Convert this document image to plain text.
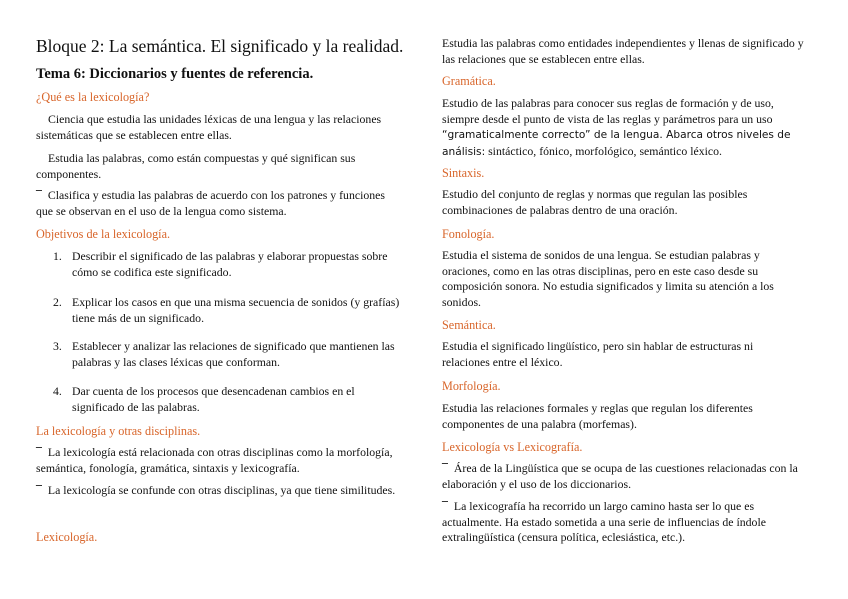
Bloque 2: La semántica. El significado y la realidad.
Tema 6: Diccionarios y fuentes de referencia.
¿Qué es la lexicología?

Ciencia que estudia las unidades léxicas de una lengua y las relaciones sistemáticas que se establecen entre ellas.

Estudia las palabras, como están compuestas y qué significan sus componentes.

¯ Clasifica y estudia las palabras de acuerdo con los patrones y funciones que se observan en el uso de la lengua como sistema.

Objetivos de la lexicología.
1. Describir el significado de las palabras y elaborar propuestas sobre cómo se codifica este significado.
2. Explicar los casos en que una misma secuencia de sonidos (y grafías) tiene más de un significado.
3. Establecer y analizar las relaciones de significado que mantienen las palabras y las clases léxicas que conforman.
4. Dar cuenta de los procesos que desencadenan cambios en el significado de las palabras.
La lexicología y otras disciplinas.

¯ La lexicología está relacionada con otras disciplinas como la morfología, semántica, fonología, gramática, sintaxis y lexicografía.

¯ La lexicología se confunde con otras disciplinas, ya que tiene similitudes.

Lexicología.

Estudia las palabras como entidades independientes y llenas de significado y las relaciones que se establecen entre ellas.

Gramática.
Estudio de las palabras para conocer sus reglas de formación y de uso, siempre desde el punto de vista de las reglas y parámetros para un uso “gramaticalmente correcto” de la lengua. Abarca otros niveles de análisis: sintáctico, fónico, morfológico, semántico léxico.
Sintaxis.

Estudio del conjunto de reglas y normas que regulan las posibles combinaciones de palabras dentro de una oración.

Fonología.

Estudia el sistema de sonidos de una lengua. Se estudian palabras y oraciones, como en las otras disciplinas, pero en este caso desde su composición sonora. No estudia significados y limita su atención a los sonidos.

Semántica.

Estudia el significado lingüístico, pero sin hablar de estructuras ni relaciones entre el léxico.

Morfología.

Estudia las relaciones formales y reglas que regulan los diferentes componentes de una palabra (morfemas).

Lexicología vs Lexicografía.

¯ Área de la Lingüística que se ocupa de las cuestiones relacionadas con la elaboración y el uso de los diccionarios.

¯ La lexicografía ha recorrido un largo camino hasta ser lo que es actualmente. Ha estado sometida a una serie de influencias de índole extralingüística (censura política, eclesiástica, etc.).
